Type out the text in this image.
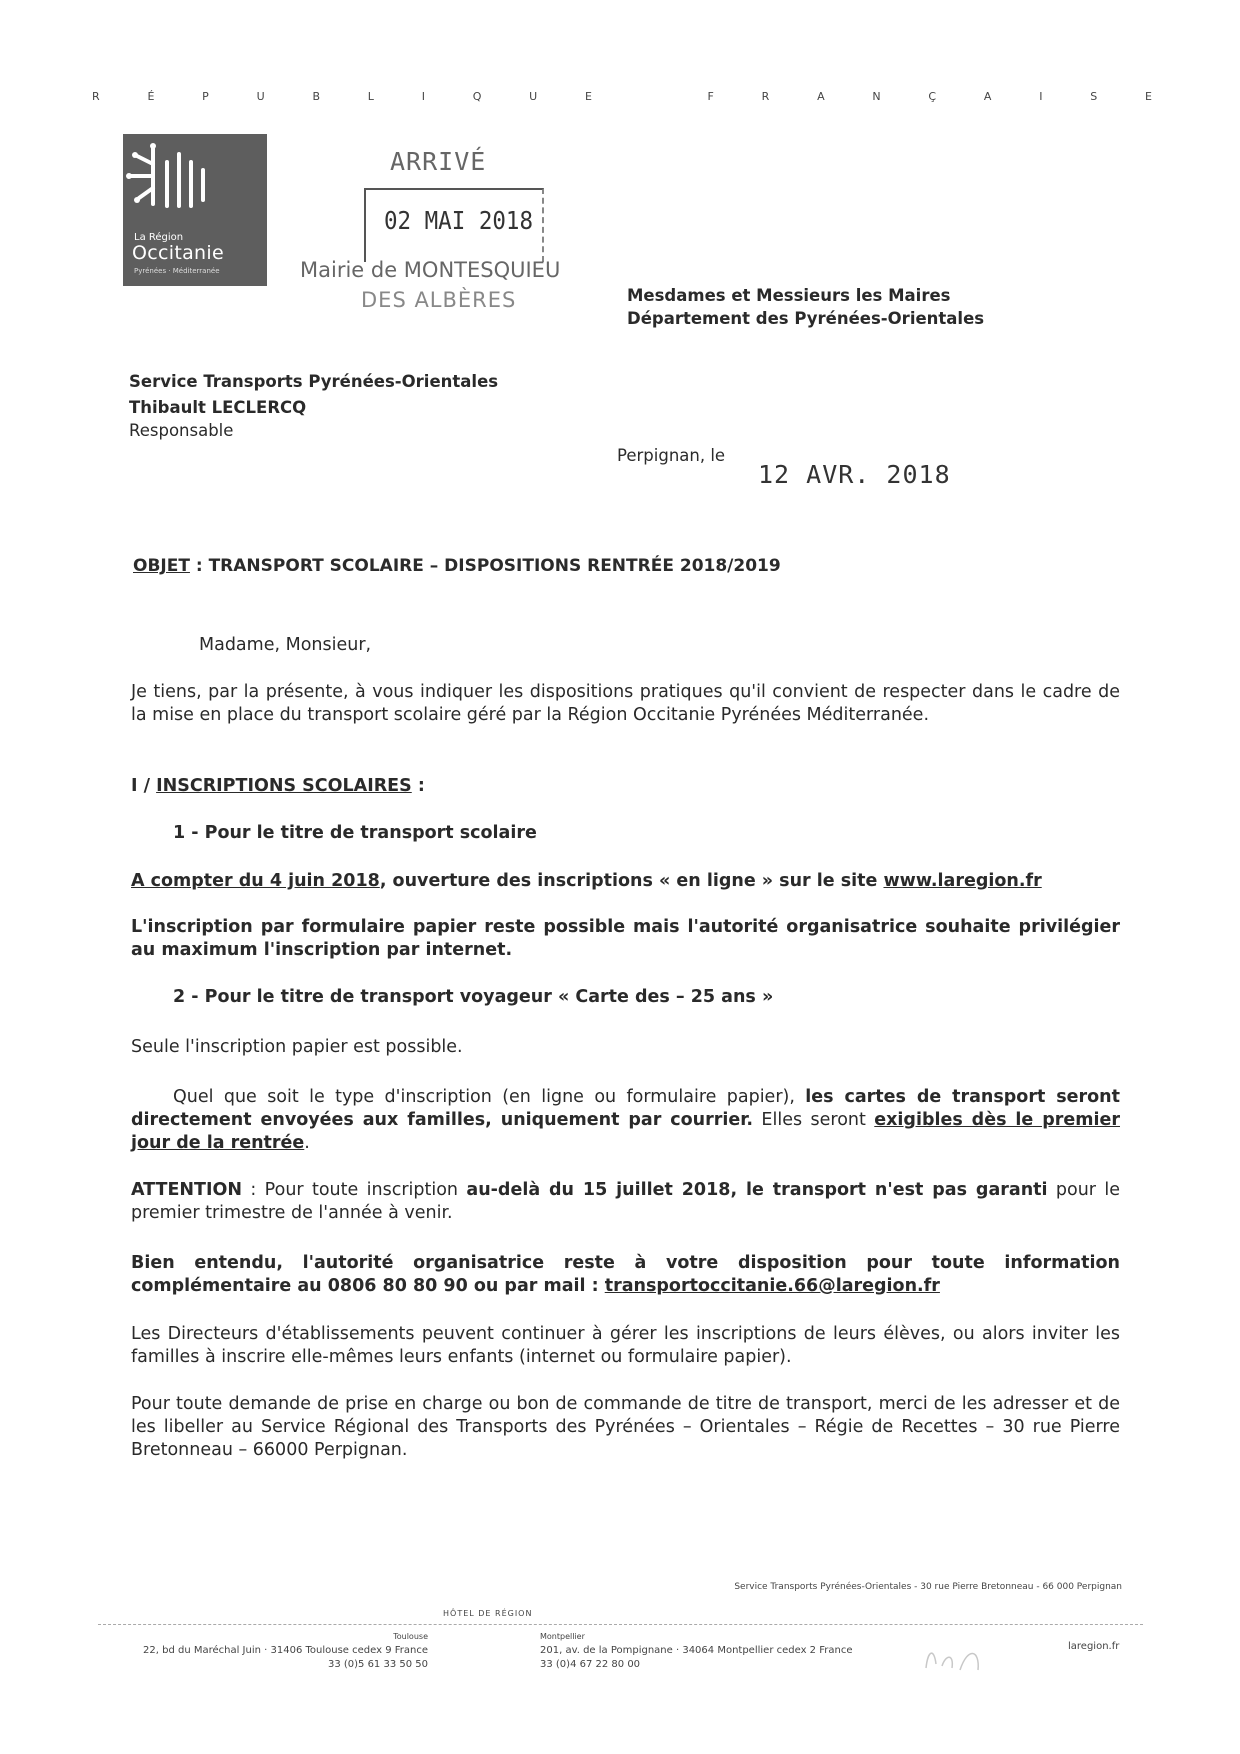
R	É	P	U	B	L	I	Q	U	E	F	R	A	N	Ç	A	I	S	E
La Région
Occitanie
Pyrénées · Méditerranée
ARRIVÉ
02 MAI 2018
Mairie de MONTESQUIEU
DES ALBÈRES	Mesdames et Messieurs les Maires
Département des Pyrénées-Orientales
Service Transports Pyrénées-Orientales
Thibault LECLERCQ
Responsable
Perpignan, le
12 AVR. 2018
OBJET : TRANSPORT SCOLAIRE – DISPOSITIONS RENTRÉE 2018/2019
Madame, Monsieur,
Je tiens, par la présente, à vous indiquer les dispositions pratiques qu'il convient de respecter dans le cadre de la mise en place du transport scolaire géré par la Région Occitanie Pyrénées Méditerranée.
I / INSCRIPTIONS SCOLAIRES :
1 - Pour le titre de transport scolaire
A compter du 4 juin 2018, ouverture des inscriptions « en ligne » sur le site www.laregion.fr
L'inscription par formulaire papier reste possible mais l'autorité organisatrice souhaite privilégier au maximum l'inscription par internet.
2 - Pour le titre de transport voyageur « Carte des – 25 ans »
Seule l'inscription papier est possible.
Quel que soit le type d'inscription (en ligne ou formulaire papier), les cartes de transport seront directement envoyées aux familles, uniquement par courrier. Elles seront exigibles dès le premier jour de la rentrée.
ATTENTION : Pour toute inscription au-delà du 15 juillet 2018, le transport n'est pas garanti pour le premier trimestre de l'année à venir.
Bien entendu, l'autorité organisatrice reste à votre disposition pour toute information complémentaire au 0806 80 80 90 ou par mail : transportoccitanie.66@laregion.fr
Les Directeurs d'établissements peuvent continuer à gérer les inscriptions de leurs élèves, ou alors inviter les familles à inscrire elle-mêmes leurs enfants (internet ou formulaire papier).
Pour toute demande de prise en charge ou bon de commande de titre de transport, merci de les adresser et de les libeller au Service Régional des Transports des Pyrénées – Orientales – Régie de Recettes – 30 rue Pierre Bretonneau – 66000 Perpignan.
Service Transports Pyrénées-Orientales - 30 rue Pierre Bretonneau - 66 000 Perpignan
HÔTEL DE RÉGION
Toulouse
22, bd du Maréchal Juin · 31406 Toulouse cedex 9 France
33 (0)5 61 33 50 50
Montpellier
201, av. de la Pompignane · 34064 Montpellier cedex 2 France
33 (0)4 67 22 80 00
laregion.fr
